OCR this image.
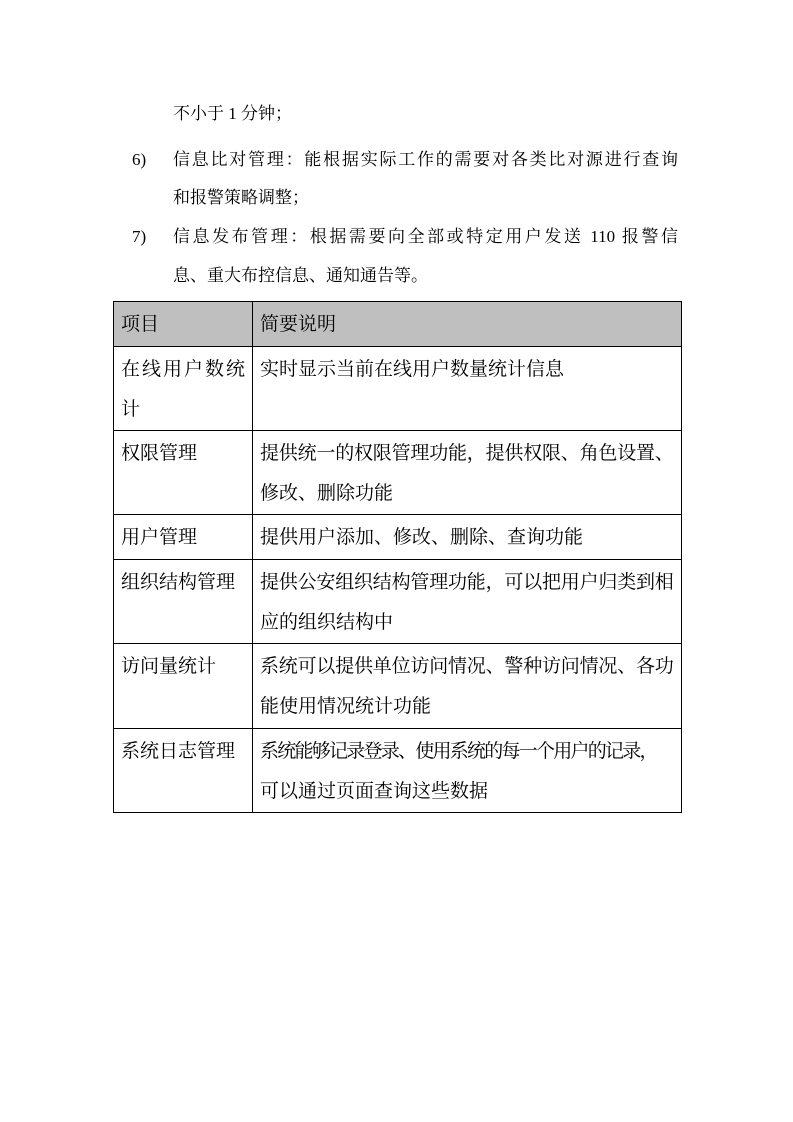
不小于 1 分钟；
6) 信息比对管理：能根据实际工作的需要对各类比对源进行查询
和报警策略调整；
7) 信息发布管理：根据需要向全部或特定用户发送 110 报警信
息、重大布控信息、通知通告等。
项目	简要说明

在线用户数统
计	实时显示当前在线用户数量统计信息

权限管理	提供统一的权限管理功能，提供权限、角色设置、
修改、删除功能

用户管理	提供用户添加、修改、删除、查询功能

组织结构管理	提供公安组织结构管理功能，可以把用户归类到相
应的组织结构中

访问量统计	系统可以提供单位访问情况、警种访问情况、各功
能使用情况统计功能

系统日志管理	系统能够记录登录、使用系统的每一个用户的记录，
可以通过页面查询这些数据
